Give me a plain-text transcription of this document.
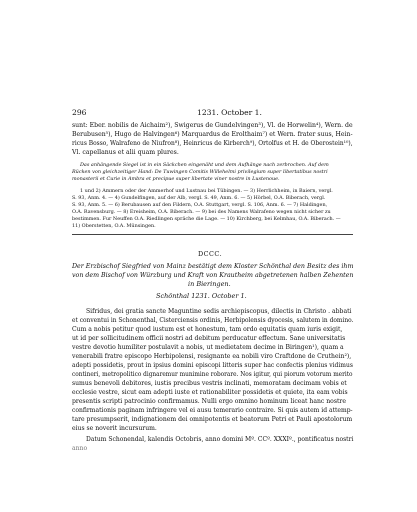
296	1231. October 1.
sunt: Eber. nobilis de Aichaim²), Swigerus de Gundelvingen³), Vl. de Horwelin⁴), Wern. de
Berubusen⁵), Hugo de Halvingen⁶) Marquardus de Erolthaim⁷) et Wern. frater suus, Hein-
ricus Bosso, Walrafeno de Niufron⁸), Heinricus de Kirberch⁹), Ortolfus et H. de Oberostein¹⁰),
Vl. capellanus et alii quam plures.
Das anhängende Siegel ist in ein Säckchen eingenäht und dem Aufhänge nach zerbrochen. Auf dem
Rücken von gleichzeitiger Hand: De Tuwingen Comitis Willehelmi privilegium super libertatibus nostri
monasterii et Curie in Ambra et precipue super libertate viner nostre in Lustenoue.
1 und 2) Ammern oder der Ammerhof und Lustnau bei Tübingen. — 3) Herrlichheim, in Baiern, vergl.
S. 93, Anm. 4. — 4) Gundelfingen, auf der Alb, vergl. S. 49, Anm. 6. — 5) Hörbel, O.A. Biberach, vergl.
S. 93, Anm. 5. — 6) Berubausen auf den Fildern, O.A. Stuttgart, vergl. S. 106, Anm. 6. — 7) Haldingen,
O.A. Ravensburg. — 8) Ereisheim, O.A. Biberach. — 9) bei des Namens Walrafeno wegen nicht sicher zu
bestimmen. Fur Neuffen O.A. Riedlingen spräche die Lage. — 10) Kirchberg, bei Kelmhau, O.A. Biberach. —
11) Oberstetten, O.A. Münsingen.
DCCC.
Der Erzbischof Siegfried von Mainz bestätigt dem Kloster Schönthal den Besitz des ihm
von dem Bischof von Würzburg und Kraft von Krautheim abgetretenen halben Zehenten
in Bieringen.
Schönthal 1231. October 1.
Sifridus, dei gratia sancte Maguntine sedis archiepiscopus, dilectis in Christo . abbati
et conventui in Schonenthal, Cisterciensis ordinis, Herbipolensis dyocesis, salutem in domino.
Cum a nobis petitur quod iustum est et honestum, tam ordo equitatis quam iuris exigit,
ut id per sollicitudinem officii nostri ad debitum perducatur effectum. Sane universitatis
vestre devotio humiliter postulavit a nobis, ut medietatem decime in Biringen¹), quam a
venerabili fratre episcopo Herbipolensi, resignante ea nobili viro Craftdone de Cruthein²),
adepti possidetis, prout in ipsius domini episcopi litteris super hac confectis plenius vidimus
contineri, metropolitico dignaremur munimine roborare. Nos igitur, qui piorum votorum merito
sumus benevoli debitores, iustis precibus vestris inclinati, memoratam decimam vobis et
ecclesie vestre, sicut eam adepti iuste et rationabiliter possidetis et quiete, ita eam vobis
presentis scripti patrocinio confirmamus. Nulli ergo omnino hominum liceat hanc nostre
confirmationis paginam infringere vel ei ausu temerario contraire. Si quis autem id attemp-
tare presumpserit, indignationem dei omnipotentis et beatorum Petri et Pauli apostolorum
eius se noverit incursurum.
Datum Schonendal, kalendis Octobris, anno domini Mº. CCº. XXXIº., pontificatus nostri
anno
